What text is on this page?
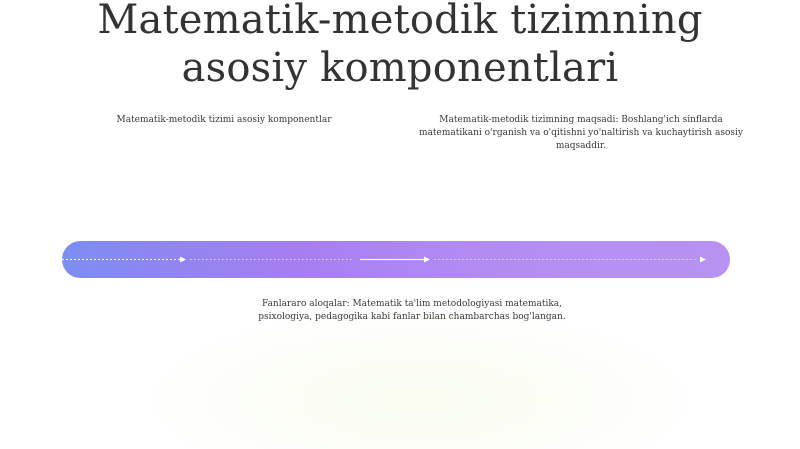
Matematik-metodik tizimning
asosiy komponentlari

Matematik-metodik tizimi asosiy komponentlar	Matematik-metodik tizimning maqsadi: Boshlang'ich sinflarda matematikani o'rganish va o'qitishni yo'naltirish va kuchaytirish asosiy maqsaddir.

Fanlararo aloqalar: Matematik ta'lim metodologiyasi matematika, psixologiya, pedagogika kabi fanlar bilan chambarchas bog'langan.
